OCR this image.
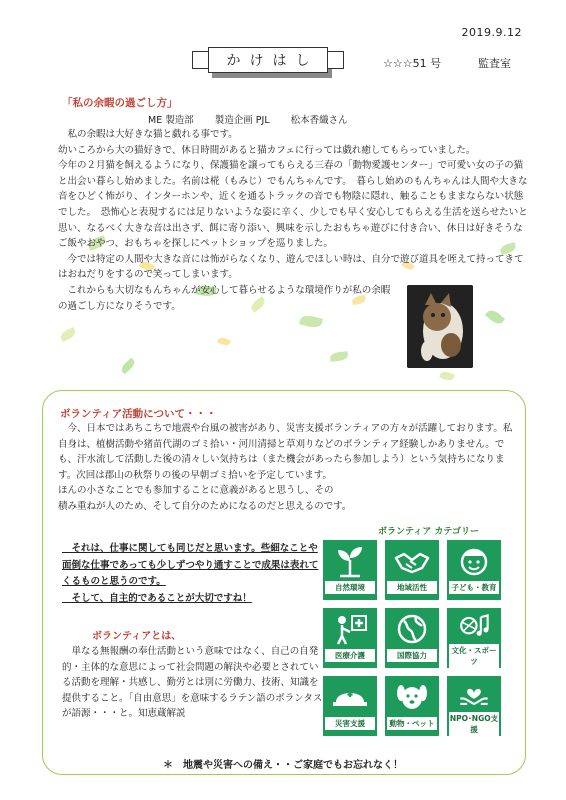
2019.9.12
かけはし	☆☆☆51 号	監査室
「私の余暇の過ごし方」
ME 製造部 製造企画 PJL 松本香織さん

　私の余暇は大好きな猫と戯れる事です。

幼いころから大の猫好きで、休日時間があると猫カフェに行っては戯れ癒してもらっていました。

今年の２月猫を飼えるようになり、保護猫を譲ってもらえる三春の「動物愛護センター」で可愛い女の子の猫と出会い暮らし始めました。名前は椛（もみじ）でもんちゃんです。　暮らし始めのもんちゃんは人間や大きな音をひどく怖がり、インターホンや、近くを通るトラックの音でも物陰に隠れ、触ることもままならない状態でした。　恐怖心と表現するには足りないような姿に辛く、少しでも早く安心してもらえる生活を送らせたいと思い、なるべく大きな音は出さず、餌に寄り添い、興味を示したおもちゃ遊びに付き合い、休日は好きそうなご飯やおやつ、おもちゃを探しにペットショップを巡りました。

　今では特定の人間や大きな音には怖がらなくなり、遊んでほしい時は、自分で遊び道具を咥えて持ってきてはおねだりをするので笑ってしまいます。

　これからも大切なもんちゃんが安心して暮らせるような環境作りが私の余暇の過ごし方になりそうです。

ボランティア活動について・・・

　今、日本ではあちこちで地震や台風の被害があり、災害支援ボランティアの方々が活躍しております。私自身は、植樹活動や猪苗代湖のゴミ拾い・河川清掃と草刈りなどのボランティア経験しかありません。でも、汗水流して活動した後の清々しい気持ちは（また機会があったら参加しよう）という気持ちになります。次回は郡山の秋祭りの後の早朝ゴミ拾いを予定しています。

ほんの小さなことでも参加することに意義があると思うし、その

積み重ねが人のため、そして自分のためになるのだと思えるのです。

　それは、仕事に関しても同じだと思います。些細なことや面倒な仕事であっても少しずつやり通すことで成果は表れてくるものと思うのです。

　そして、自主的であることが大切ですね！

ボランティアとは、

　単なる無報酬の奉仕活動という意味ではなく、自己の自発的・主体的な意思によって社会問題の解決や必要とされている活動を理解・共感し、勤労とは別に労働力、技術、知識を提供すること。「自由意思」を意味するラテン語のボランタスが語源・・・と。知恵蔵解説

ボランティア カテゴリー
自然環境	地域活性	子ども・教育
医療介護	国際協力
文化・スポーツ
災害支援	動物・ペット
NPO･NGO支援
＊　地震や災害への備え・・ご家庭でもお忘れなく！
